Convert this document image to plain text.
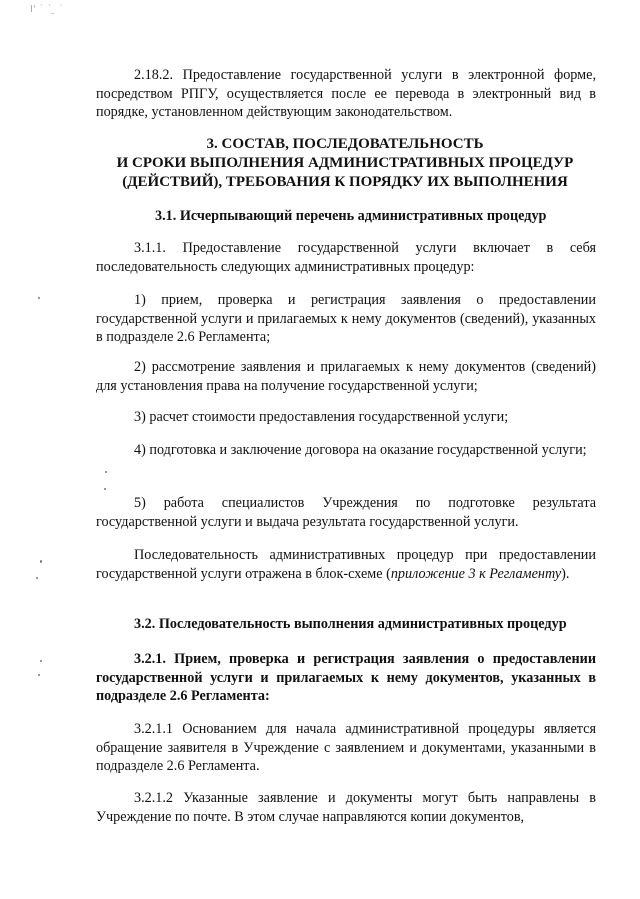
Ⅰ' ˙ ˙ ̤ ˙

2.18.2. Предоставление государственной услуги в электронной форме, посредством РПГУ, осуществляется после ее перевода в электронный вид в порядке, установленном действующим законодательством.

3. СОСТАВ, ПОСЛЕДОВАТЕЛЬНОСТЬ
И СРОКИ ВЫПОЛНЕНИЯ АДМИНИСТРАТИВНЫХ ПРОЦЕДУР
(ДЕЙСТВИЙ), ТРЕБОВАНИЯ К ПОРЯДКУ ИХ ВЫПОЛНЕНИЯ

3.1. Исчерпывающий перечень административных процедур

3.1.1. Предоставление государственной услуги включает в себя последовательность следующих административных процедур:

1) прием, проверка и регистрация заявления о предоставлении государственной услуги и прилагаемых к нему документов (сведений), указанных в подразделе 2.6 Регламента;

2) рассмотрение заявления и прилагаемых к нему документов (сведений) для установления права на получение государственной услуги;

3) расчет стоимости предоставления государственной услуги;

4) подготовка и заключение договора на оказание государственной услуги;

5) работа специалистов Учреждения по подготовке результата государственной услуги и выдача результата государственной услуги.

Последовательность административных процедур при предоставлении государственной услуги отражена в блок-схеме (приложение 3 к Регламенту).

3.2. Последовательность выполнения административных процедур

3.2.1. Прием, проверка и регистрация заявления о предоставлении государственной услуги и прилагаемых к нему документов, указанных в подразделе 2.6 Регламента:

3.2.1.1 Основанием для начала административной процедуры является обращение заявителя в Учреждение с заявлением и документами, указанными в подразделе 2.6 Регламента.

3.2.1.2 Указанные заявление и документы могут быть направлены в Учреждение по почте. В этом случае направляются копии документов,
